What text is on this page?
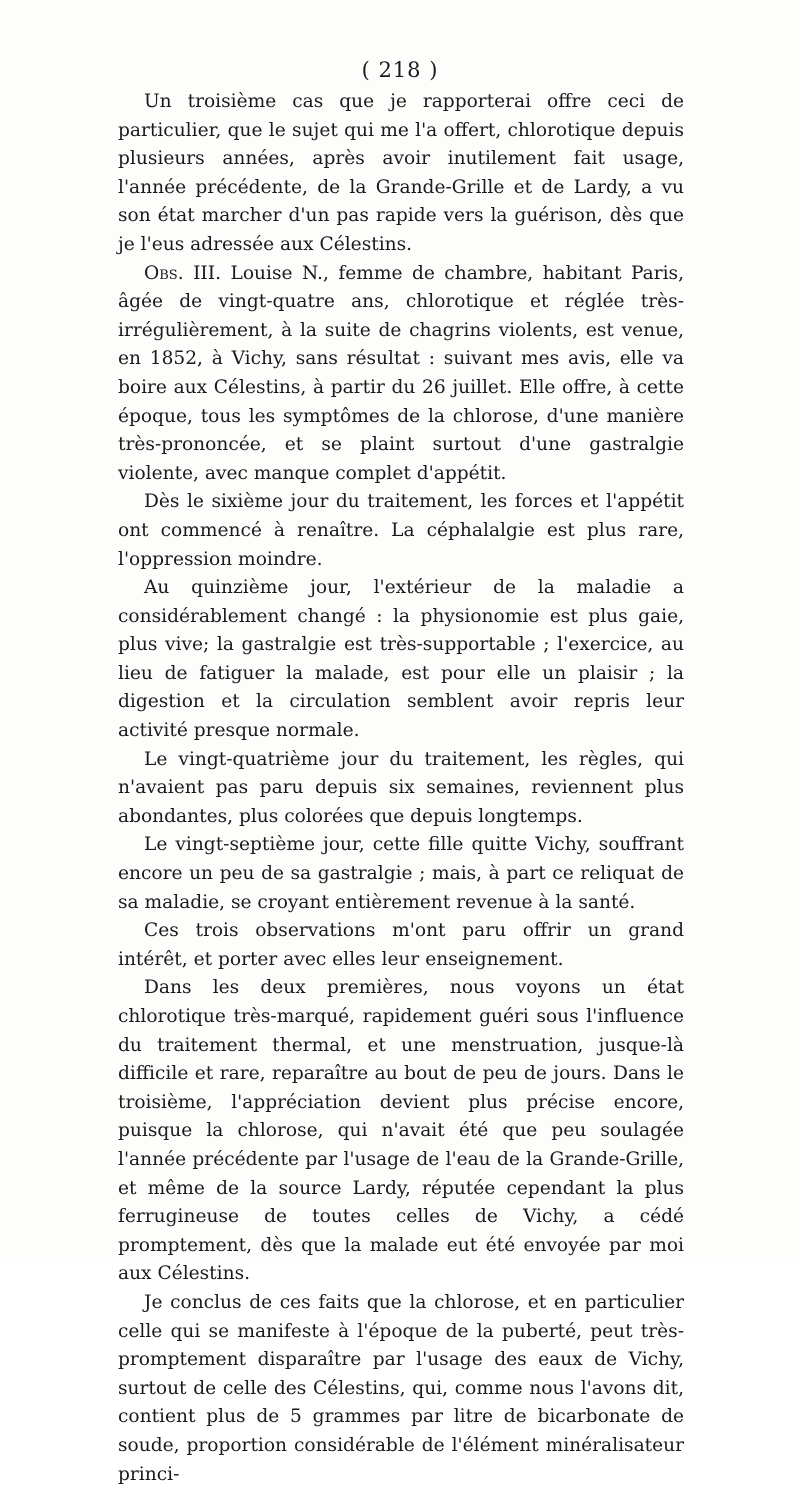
( 218 )

Un troisième cas que je rapporterai offre ceci de particulier, que le sujet qui me l'a offert, chlorotique depuis plusieurs années, après avoir inutilement fait usage, l'année précédente, de la Grande-Grille et de Lardy, a vu son état marcher d'un pas rapide vers la guérison, dès que je l'eus adressée aux Célestins.

Obs. III. Louise N., femme de chambre, habitant Paris, âgée de vingt-quatre ans, chlorotique et réglée très-irrégulièrement, à la suite de chagrins violents, est venue, en 1852, à Vichy, sans résultat : suivant mes avis, elle va boire aux Célestins, à partir du 26 juillet. Elle offre, à cette époque, tous les symptômes de la chlorose, d'une manière très-prononcée, et se plaint surtout d'une gastralgie violente, avec manque complet d'appétit.

Dès le sixième jour du traitement, les forces et l'appétit ont commencé à renaître. La céphalalgie est plus rare, l'oppression moindre.

Au quinzième jour, l'extérieur de la maladie a considérablement changé : la physionomie est plus gaie, plus vive; la gastralgie est très-supportable ; l'exercice, au lieu de fatiguer la malade, est pour elle un plaisir ; la digestion et la circulation semblent avoir repris leur activité presque normale.

Le vingt-quatrième jour du traitement, les règles, qui n'avaient pas paru depuis six semaines, reviennent plus abondantes, plus colorées que depuis longtemps.

Le vingt-septième jour, cette fille quitte Vichy, souffrant encore un peu de sa gastralgie ; mais, à part ce reliquat de sa maladie, se croyant entièrement revenue à la santé.

Ces trois observations m'ont paru offrir un grand intérêt, et porter avec elles leur enseignement.

Dans les deux premières, nous voyons un état chlorotique très-marqué, rapidement guéri sous l'influence du traitement thermal, et une menstruation, jusque-là difficile et rare, reparaître au bout de peu de jours. Dans le troisième, l'appréciation devient plus précise encore, puisque la chlorose, qui n'avait été que peu soulagée l'année précédente par l'usage de l'eau de la Grande-Grille, et même de la source Lardy, réputée cependant la plus ferrugineuse de toutes celles de Vichy, a cédé promptement, dès que la malade eut été envoyée par moi aux Célestins.

Je conclus de ces faits que la chlorose, et en particulier celle qui se manifeste à l'époque de la puberté, peut très-promptement disparaître par l'usage des eaux de Vichy, surtout de celle des Célestins, qui, comme nous l'avons dit, contient plus de 5 grammes par litre de bicarbonate de soude, proportion considérable de l'élément minéralisateur princi-
